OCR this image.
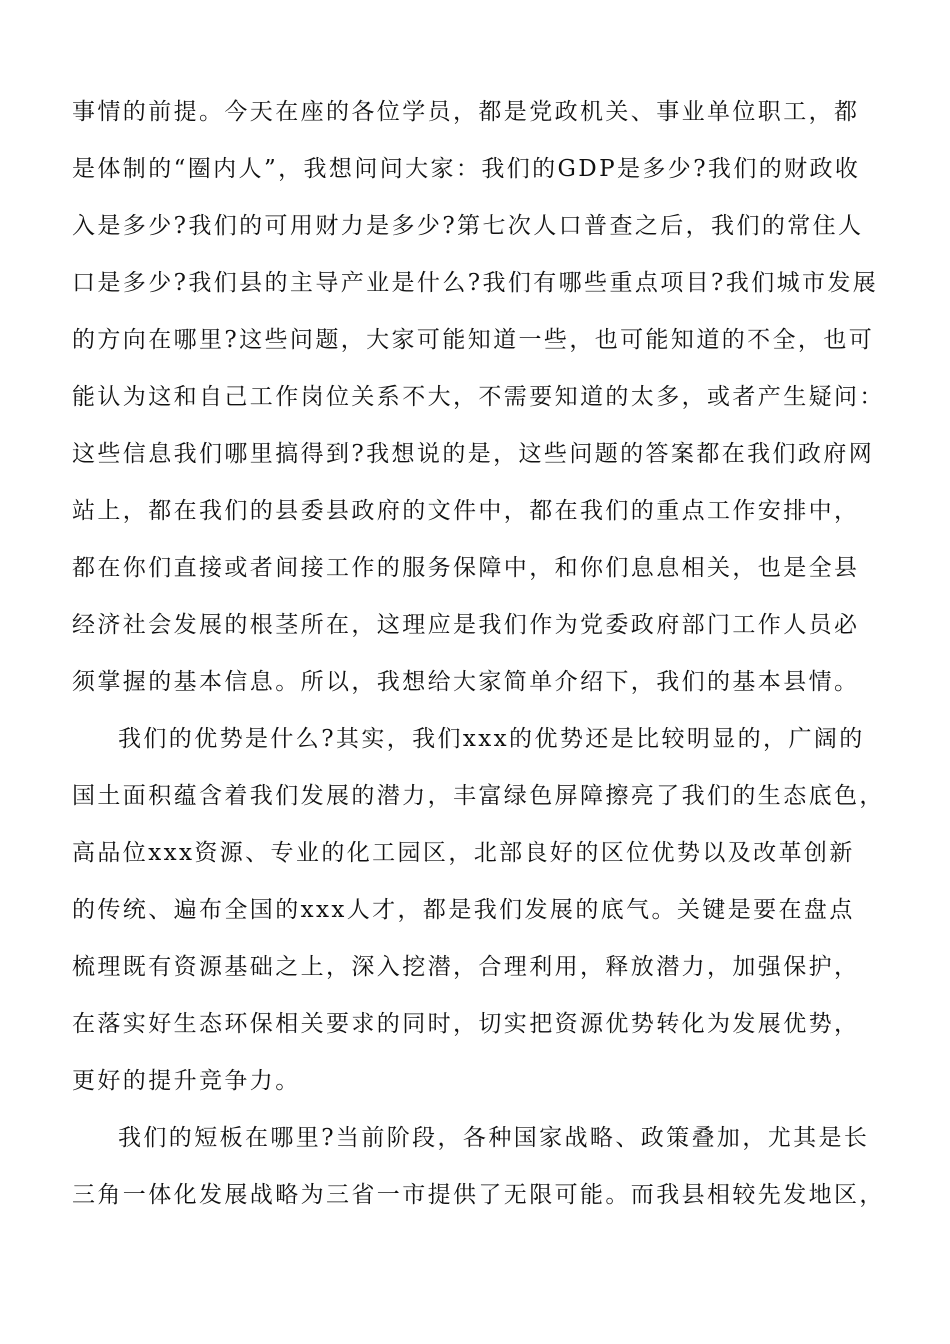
事情的前提。今天在座的各位学员，都是党政机关、事业单位职工，都
是体制的“圈内人”，我想问问大家：我们的GDP是多少?我们的财政收
入是多少?我们的可用财力是多少?第七次人口普查之后，我们的常住人
口是多少?我们县的主导产业是什么?我们有哪些重点项目?我们城市发展
的方向在哪里?这些问题，大家可能知道一些，也可能知道的不全，也可
能认为这和自己工作岗位关系不大，不需要知道的太多，或者产生疑问：
这些信息我们哪里搞得到?我想说的是，这些问题的答案都在我们政府网
站上，都在我们的县委县政府的文件中，都在我们的重点工作安排中，
都在你们直接或者间接工作的服务保障中，和你们息息相关，也是全县
经济社会发展的根茎所在，这理应是我们作为党委政府部门工作人员必
须掌握的基本信息。所以，我想给大家简单介绍下，我们的基本县情。
我们的优势是什么?其实，我们xxx的优势还是比较明显的，广阔的
国土面积蕴含着我们发展的潜力，丰富绿色屏障擦亮了我们的生态底色，
高品位xxx资源、专业的化工园区，北部良好的区位优势以及改革创新
的传统、遍布全国的xxx人才，都是我们发展的底气。关键是要在盘点
梳理既有资源基础之上，深入挖潜，合理利用，释放潜力，加强保护，
在落实好生态环保相关要求的同时，切实把资源优势转化为发展优势，
更好的提升竞争力。
我们的短板在哪里?当前阶段，各种国家战略、政策叠加，尤其是长
三角一体化发展战略为三省一市提供了无限可能。而我县相较先发地区，
